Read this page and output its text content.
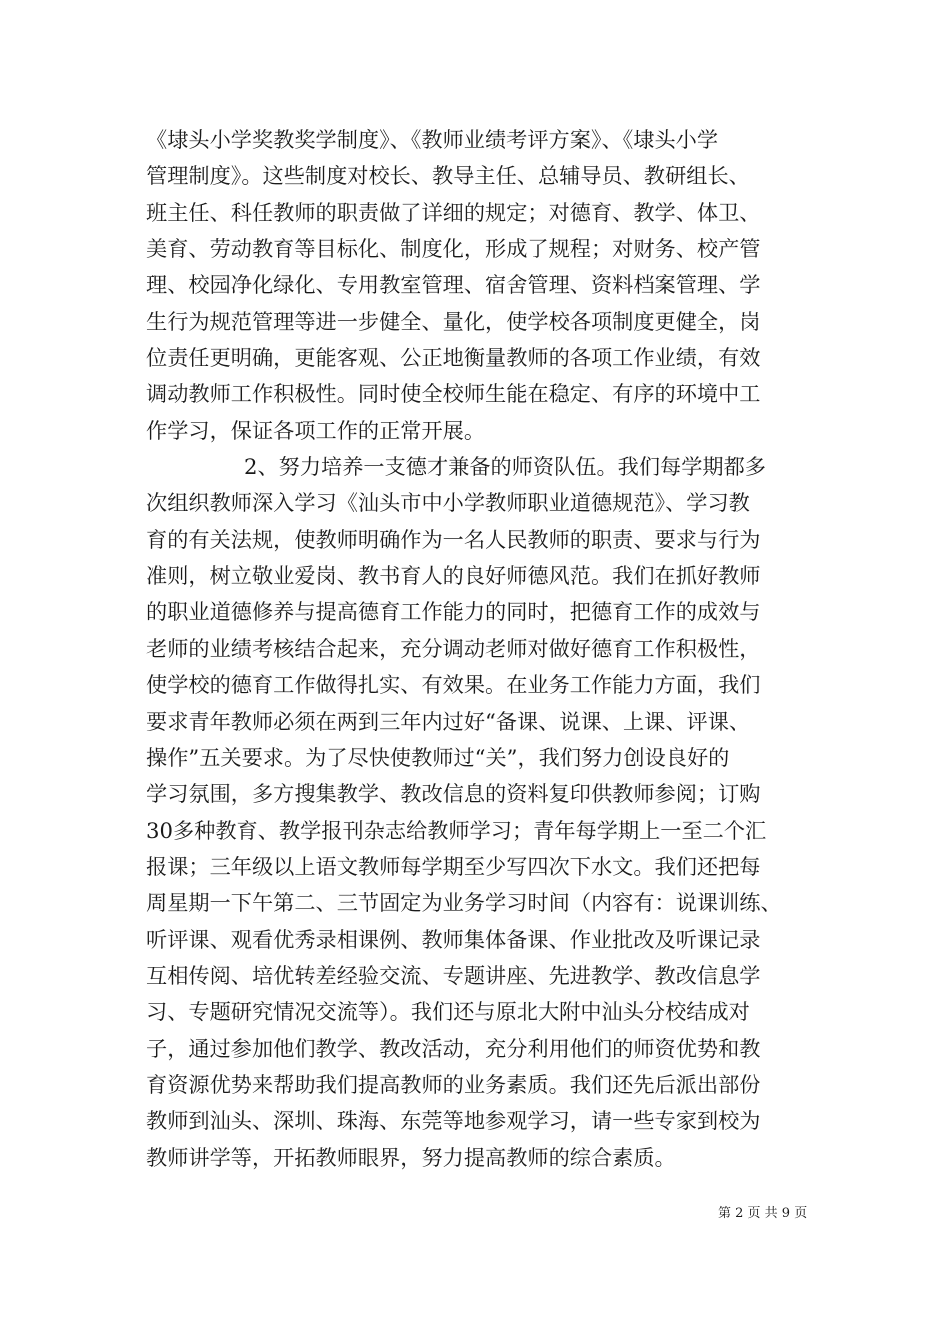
《埭头小学奖教奖学制度》、《教师业绩考评方案》、《埭头小学
管理制度》。这些制度对校长、教导主任、总辅导员、教研组长、
班主任、科任教师的职责做了详细的规定；对德育、教学、体卫、
美育、劳动教育等目标化、制度化，形成了规程；对财务、校产管
理、校园净化绿化、专用教室管理、宿舍管理、资料档案管理、学
生行为规范管理等进一步健全、量化，使学校各项制度更健全，岗
位责任更明确，更能客观、公正地衡量教师的各项工作业绩，有效
调动教师工作积极性。同时使全校师生能在稳定、有序的环境中工
作学习，保证各项工作的正常开展。
2、努力培养一支德才兼备的师资队伍。我们每学期都多
次组织教师深入学习《汕头市中小学教师职业道德规范》、学习教
育的有关法规，使教师明确作为一名人民教师的职责、要求与行为
准则，树立敬业爱岗、教书育人的良好师德风范。我们在抓好教师
的职业道德修养与提高德育工作能力的同时，把德育工作的成效与
老师的业绩考核结合起来，充分调动老师对做好德育工作积极性，
使学校的德育工作做得扎实、有效果。在业务工作能力方面，我们
要求青年教师必须在两到三年内过好“备课、说课、上课、评课、
操作”五关要求。为了尽快使教师过“关”，我们努力创设良好的
学习氛围，多方搜集教学、教改信息的资料复印供教师参阅；订购
30多种教育、教学报刊杂志给教师学习；青年每学期上一至二个汇
报课；三年级以上语文教师每学期至少写四次下水文。我们还把每
周星期一下午第二、三节固定为业务学习时间（内容有：说课训练、
听评课、观看优秀录相课例、教师集体备课、作业批改及听课记录
互相传阅、培优转差经验交流、专题讲座、先进教学、教改信息学
习、专题研究情况交流等）。我们还与原北大附中汕头分校结成对
子，通过参加他们教学、教改活动，充分利用他们的师资优势和教
育资源优势来帮助我们提高教师的业务素质。我们还先后派出部份
教师到汕头、深圳、珠海、东莞等地参观学习，请一些专家到校为
教师讲学等，开拓教师眼界，努力提高教师的综合素质。
第 2 页 共 9 页
